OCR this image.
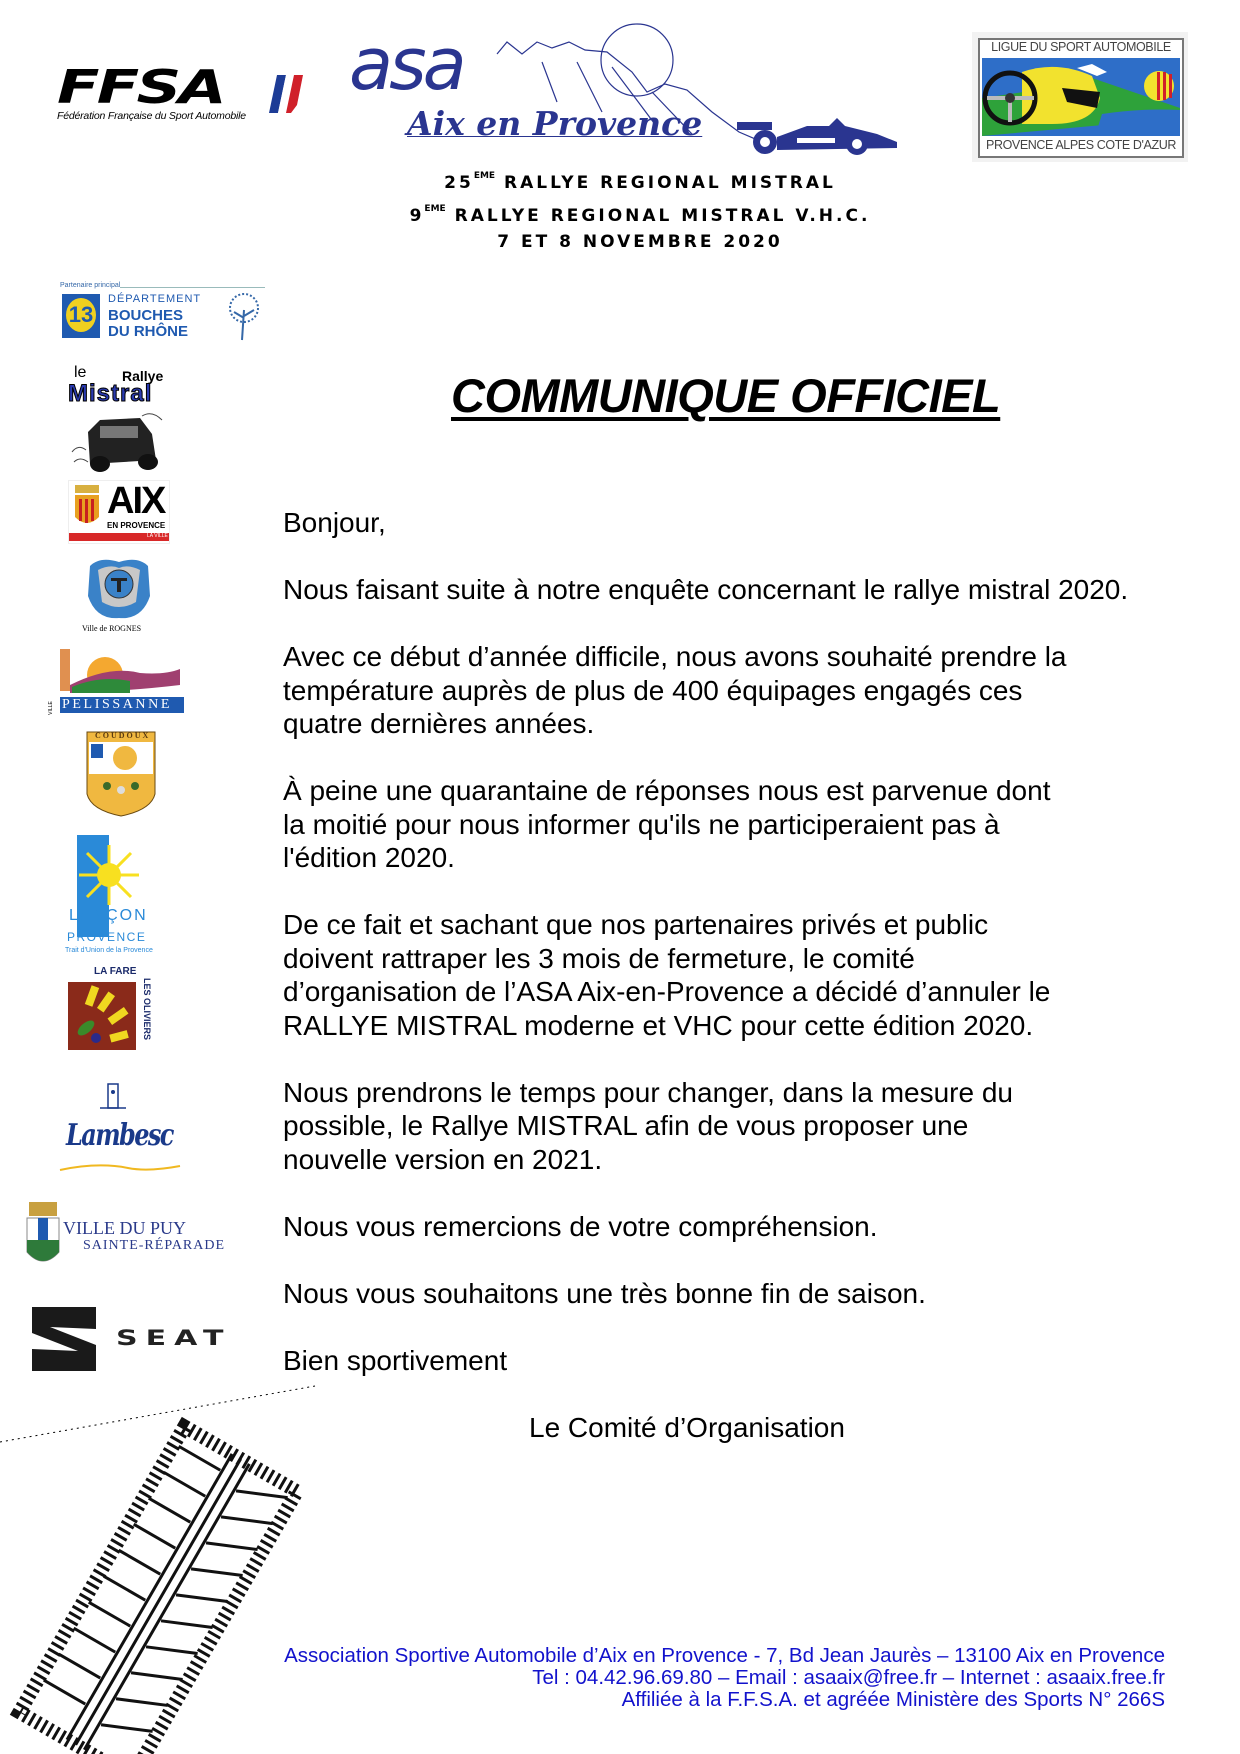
FFSA
Fédération Française du Sport Automobile
asa
Aix en Provence
LIGUE DU SPORT AUTOMOBILE
PROVENCE ALPES COTE D'AZUR
25EME RALLYE REGIONAL MISTRAL
9EME RALLYE REGIONAL MISTRAL V.H.C.
7 ET 8 NOVEMBRE 2020
Partenaire principal
13
DÉPARTEMENT
BOUCHES
DU RHÔNE
le	Rallye
Mistral
AIX
EN PROVENCE
LA VILLE
Ville de ROGNES
PELISSANNE
VILLE
COUDOUX
LANÇON
PROVENCE
Trait d'Union de la Provence
LA FARE
LES OLIVIERS
Lambesc
VILLE DU PUY
SAINTE-RÉPARADE
SEAT
COMMUNIQUE OFFICIEL

Bonjour,

Nous faisant suite à notre enquête concernant le rallye mistral 2020.

Avec ce début d’année difficile, nous avons souhaité prendre la température auprès de plus de 400 équipages engagés ces quatre dernières années.

À peine une quarantaine de réponses nous est parvenue dont la moitié pour nous informer qu'ils ne participeraient pas à l'édition 2020.

De ce fait et sachant que nos partenaires privés et public doivent rattraper les 3 mois de fermeture, le comité d’organisation de l’ASA Aix-en-Provence a décidé d’annuler le RALLYE MISTRAL moderne et VHC pour cette édition 2020.

Nous prendrons le temps pour changer, dans la mesure du possible, le Rallye MISTRAL afin de vous proposer une nouvelle version en 2021.

Nous vous remercions de votre compréhension.

Nous vous souhaitons une très bonne fin de saison.

Bien sportivement

Le Comité d’Organisation
Association Sportive Automobile d’Aix en Provence - 7, Bd Jean Jaurès – 13100 Aix en Provence
Tel : 04.42.96.69.80 – Email : asaaix@free.fr – Internet : asaaix.free.fr
Affiliée à la F.F.S.A. et agréée Ministère des Sports N° 266S
